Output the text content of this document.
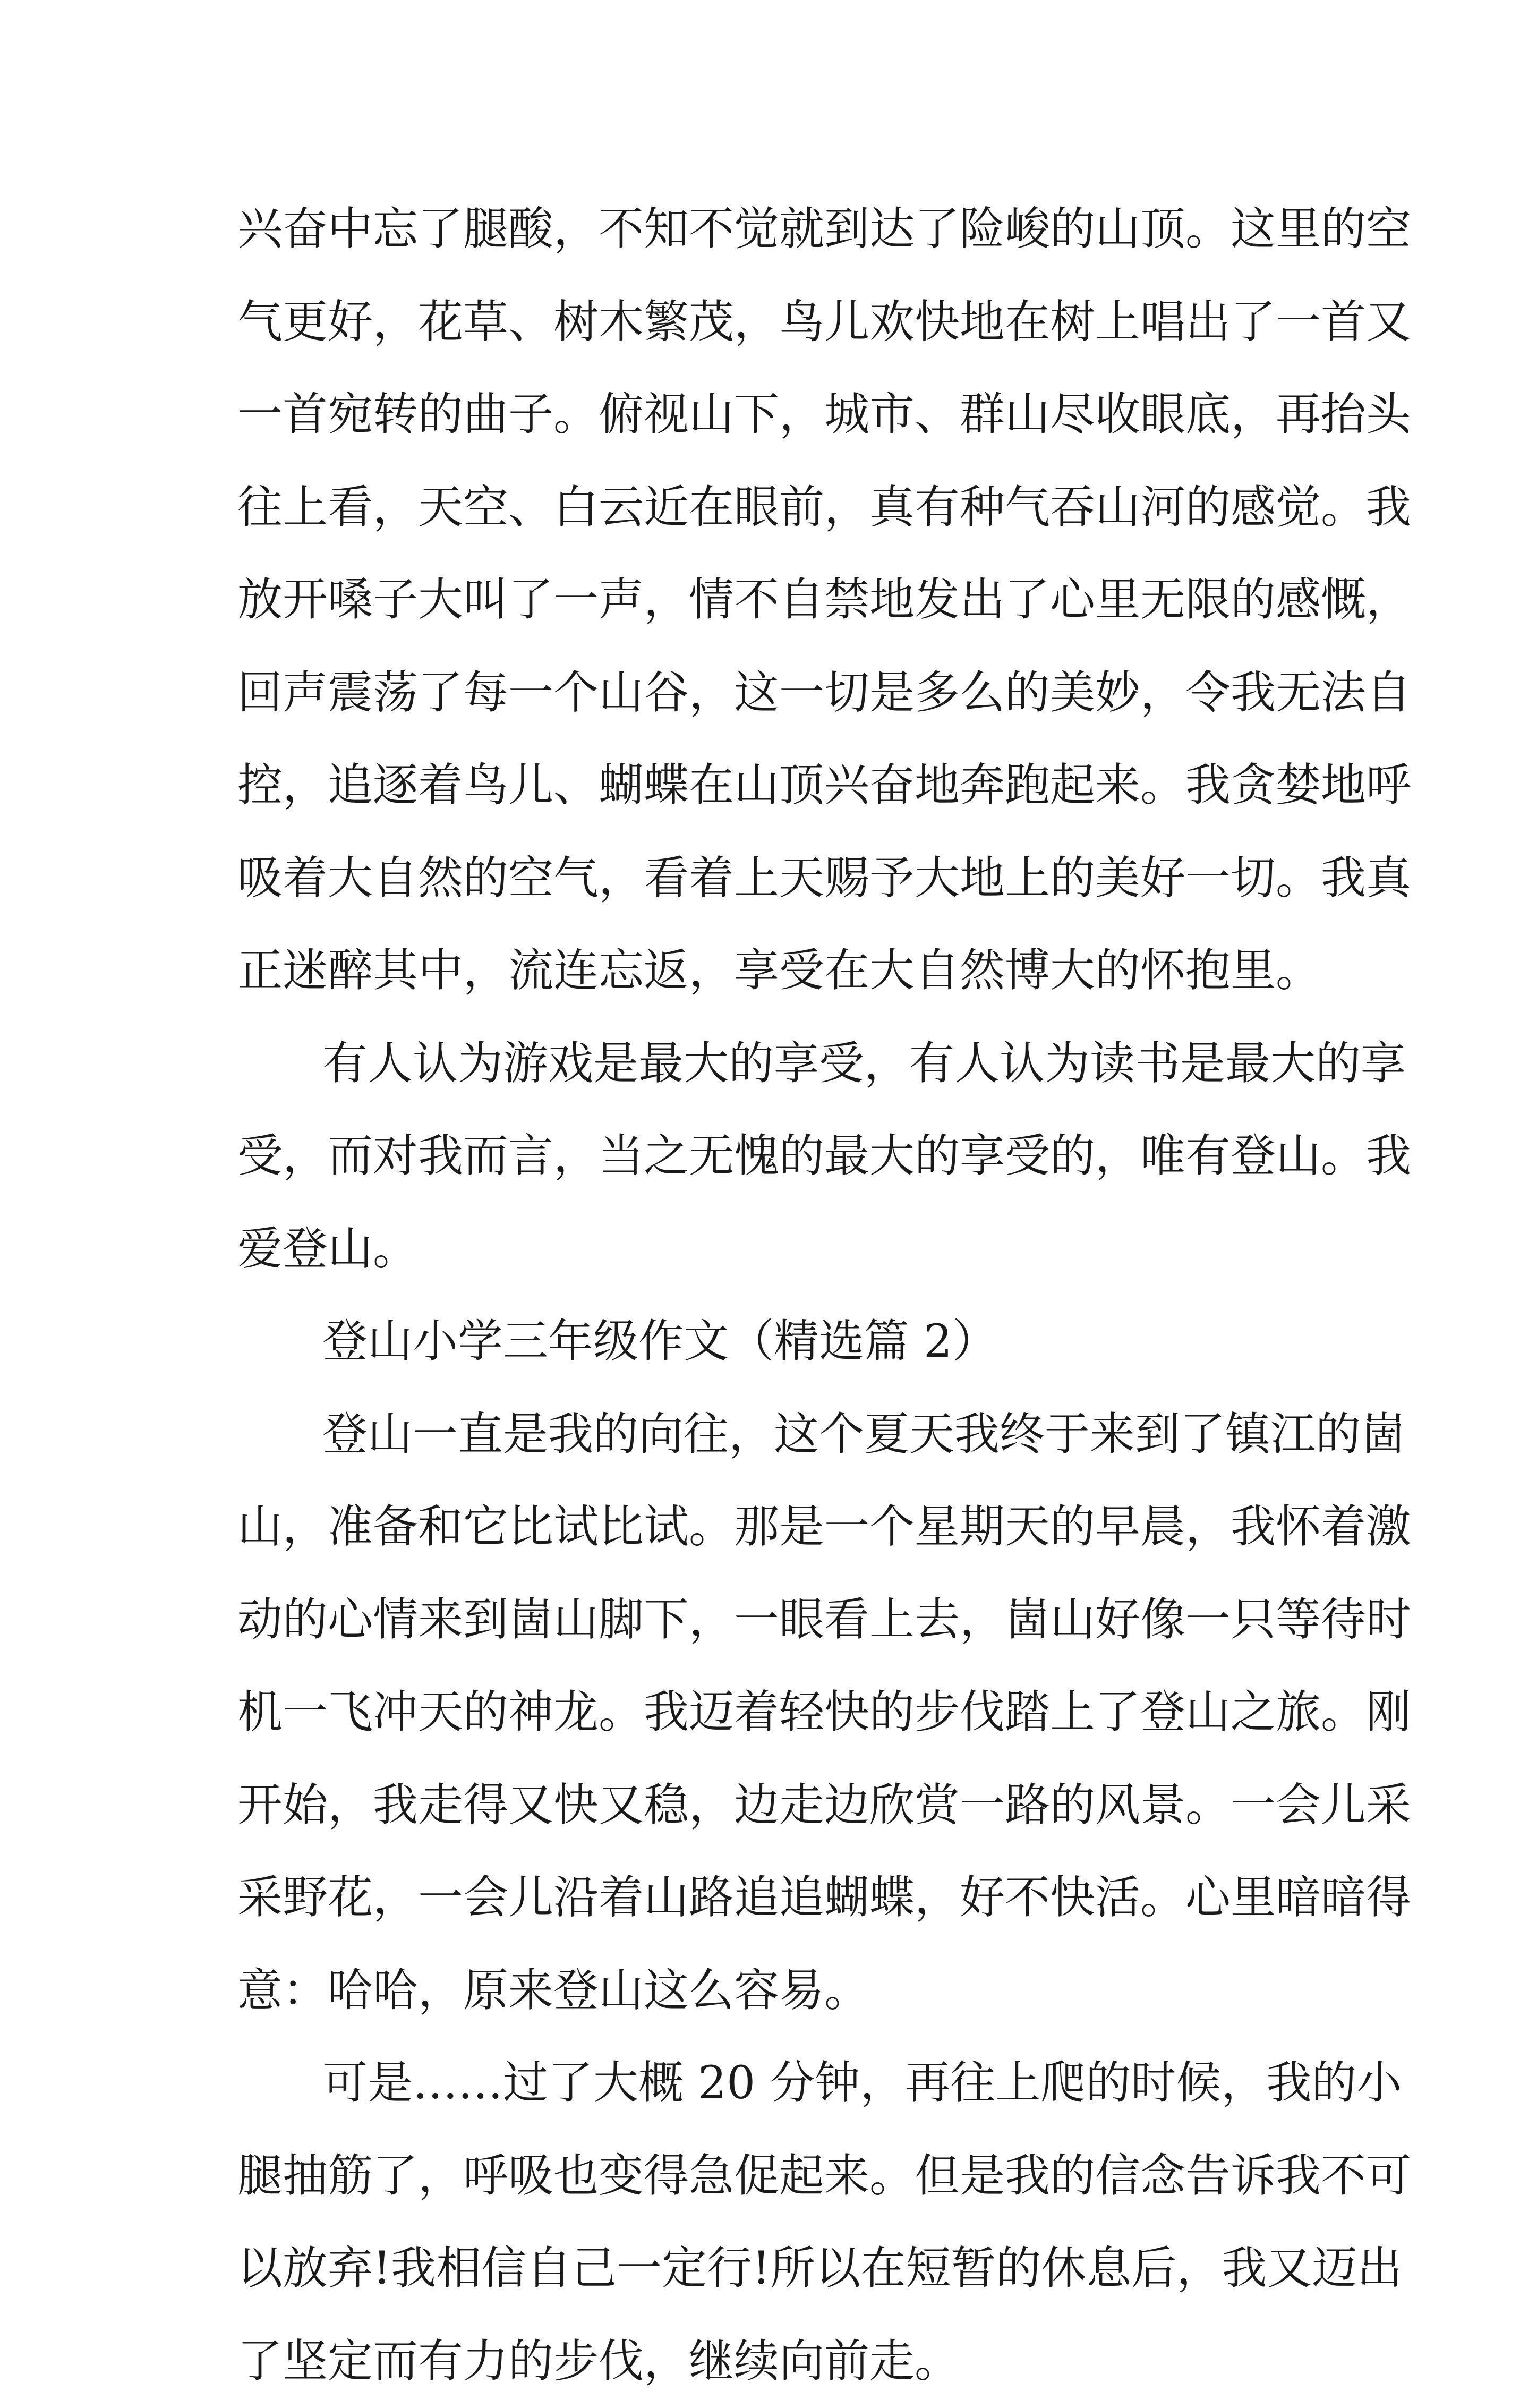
兴奋中忘了腿酸，不知不觉就到达了险峻的山顶。这里的空
气更好，花草、树木繁茂，鸟儿欢快地在树上唱出了一首又
一首宛转的曲子。俯视山下，城市、群山尽收眼底，再抬头
往上看，天空、白云近在眼前，真有种气吞山河的感觉。我
放开嗓子大叫了一声，情不自禁地发出了心里无限的感慨，
回声震荡了每一个山谷，这一切是多么的美妙，令我无法自
控，追逐着鸟儿、蝴蝶在山顶兴奋地奔跑起来。我贪婪地呼
吸着大自然的空气，看着上天赐予大地上的美好一切。我真
正迷醉其中，流连忘返，享受在大自然博大的怀抱里。
有人认为游戏是最大的享受，有人认为读书是最大的享
受，而对我而言，当之无愧的最大的享受的，唯有登山。我
爱登山。
登山小学三年级作文（精选篇 2）
登山一直是我的向往，这个夏天我终于来到了镇江的崮
山，准备和它比试比试。那是一个星期天的早晨，我怀着激
动的心情来到崮山脚下，一眼看上去，崮山好像一只等待时
机一飞冲天的神龙。我迈着轻快的步伐踏上了登山之旅。刚
开始，我走得又快又稳，边走边欣赏一路的风景。一会儿采
采野花，一会儿沿着山路追追蝴蝶，好不快活。心里暗暗得
意：哈哈，原来登山这么容易。
可是……过了大概 20 分钟，再往上爬的时候，我的小
腿抽筋了，呼吸也变得急促起来。但是我的信念告诉我不可
以放弃!我相信自己一定行!所以在短暂的休息后，我又迈出
了坚定而有力的步伐，继续向前走。
